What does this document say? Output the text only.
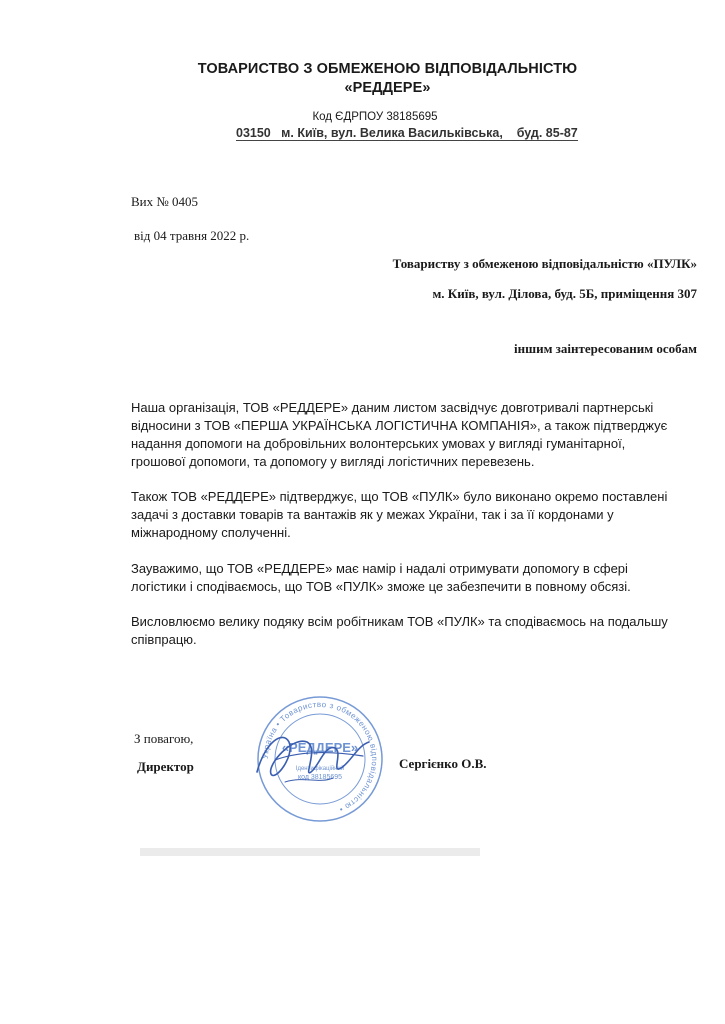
ТОВАРИСТВО З ОБМЕЖЕНОЮ ВІДПОВІДАЛЬНІСТЮ
«РЕДДЕРЕ»
Код ЄДРПОУ 38185695
03150   м. Київ, вул. Велика Васильківська,    буд. 85-87
Вих № 0405
від 04 травня 2022 р.
Товариству з обмеженою відповідальністю «ПУЛК»
м. Київ, вул. Ділова, буд. 5Б, приміщення 307
іншим заінтересованим особам
Наша організація, ТОВ «РЕДДЕРЕ» даним листом засвідчує довготривалі партнерські відносини з ТОВ «ПЕРША УКРАЇНСЬКА ЛОГІСТИЧНА КОМПАНІЯ», а також підтверджує надання допомоги на добровільних волонтерських умовах у вигляді гуманітарної, грошової допомоги, та допомогу у вигляді логістичних перевезень.
Також ТОВ «РЕДДЕРЕ» підтверджує, що ТОВ «ПУЛК» було виконано окремо поставлені задачі з доставки товарів та вантажів як у межах України, так і за її кордонами у міжнародному сполученні.
Зауважимо, що ТОВ «РЕДДЕРЕ» має намір і надалі отримувати допомогу в сфері логістики і сподіваємось, що ТОВ «ПУЛК» зможе це забезпечити в повному обсязі.
Висловлюємо велику подяку всім робітникам ТОВ «ПУЛК» та сподіваємось на подальшу співпрацю.
З повагою,
Директор	Сергієнко О.В.
Україна • Товариство з обмеженою відповідальністю •
«РЕДДЕРЕ»
Ідентифікаційний
код 38185695
